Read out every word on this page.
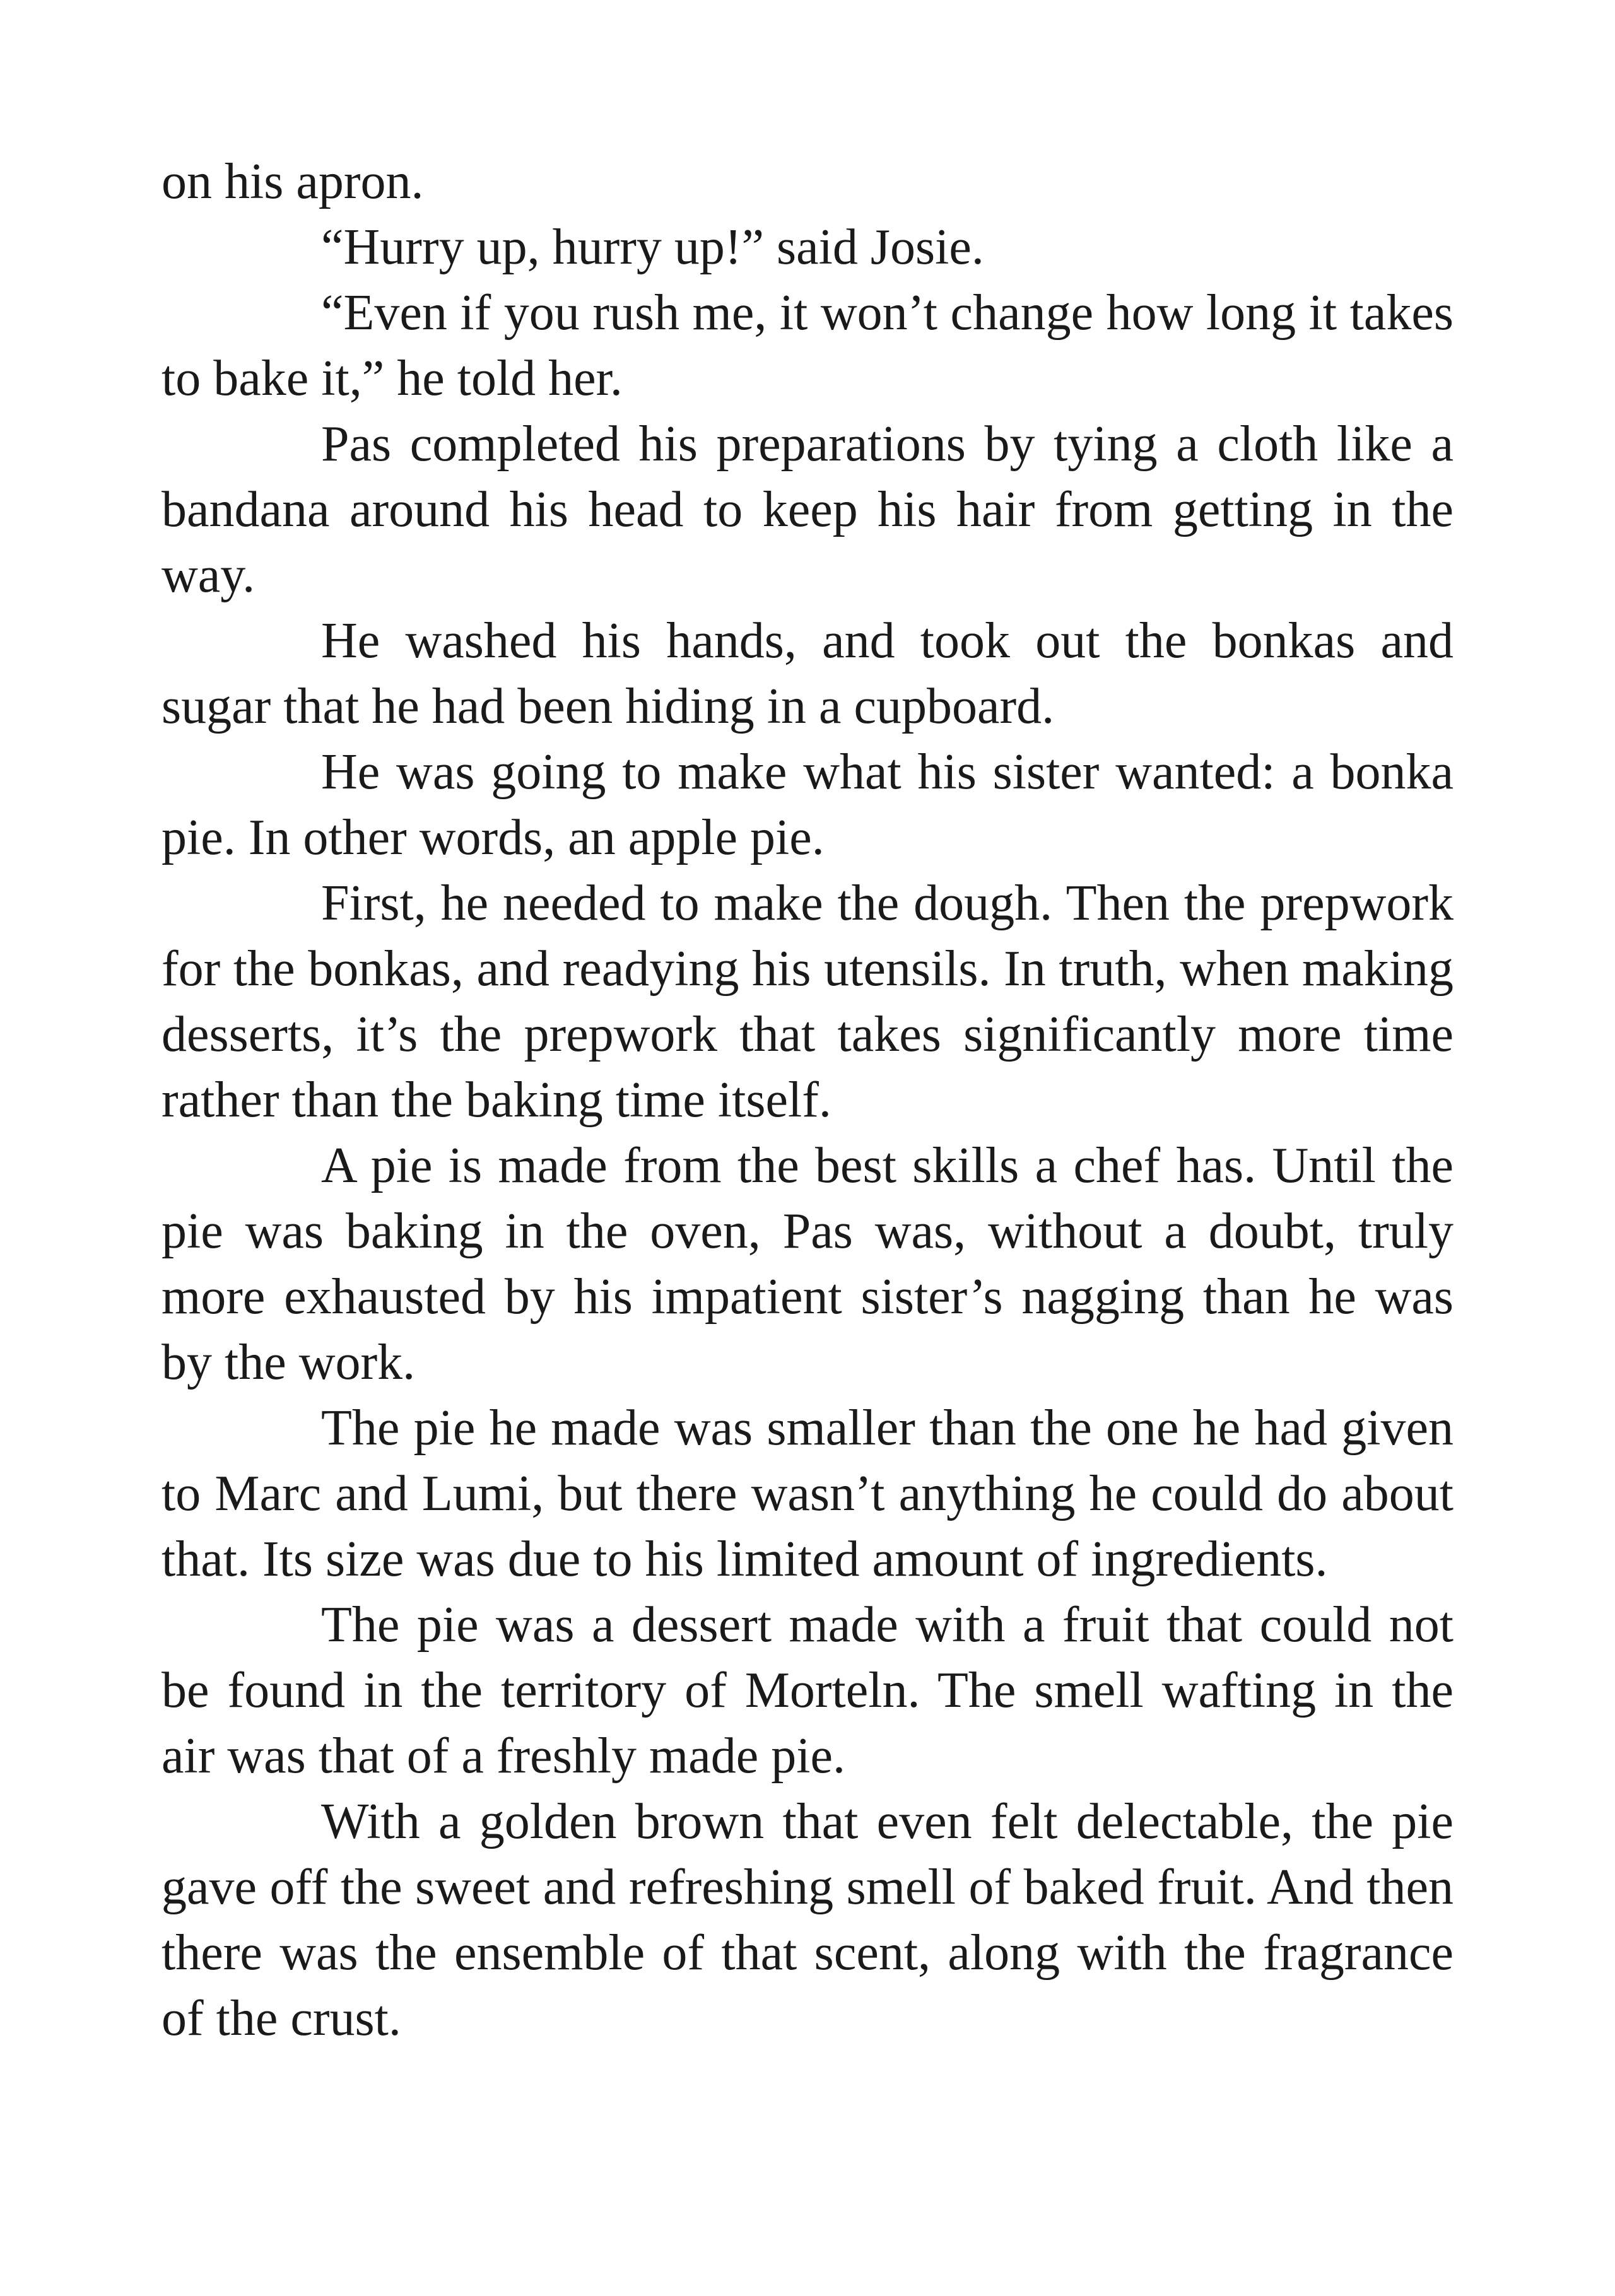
on his apron.

“Hurry up, hurry up!” said Josie.

“Even if you rush me, it won’t change how long it takes to bake it,” he told her.

Pas completed his preparations by tying a cloth like a bandana around his head to keep his hair from getting in the way.

He washed his hands, and took out the bonkas and sugar that he had been hiding in a cupboard.

He was going to make what his sister wanted: a bonka pie. In other words, an apple pie.

First, he needed to make the dough. Then the prepwork for the bonkas, and readying his utensils. In truth, when making desserts, it’s the prepwork that takes significantly more time rather than the baking time itself.

A pie is made from the best skills a chef has. Until the pie was baking in the oven, Pas was, without a doubt, truly more exhausted by his impatient sister’s nagging than he was by the work.

The pie he made was smaller than the one he had given to Marc and Lumi, but there wasn’t anything he could do about that. Its size was due to his limited amount of ingredients.

The pie was a dessert made with a fruit that could not be found in the territory of Morteln. The smell wafting in the air was that of a freshly made pie.

With a golden brown that even felt delectable, the pie gave off the sweet and refreshing smell of baked fruit. And then there was the ensemble of that scent, along with the fragrance of the crust.
